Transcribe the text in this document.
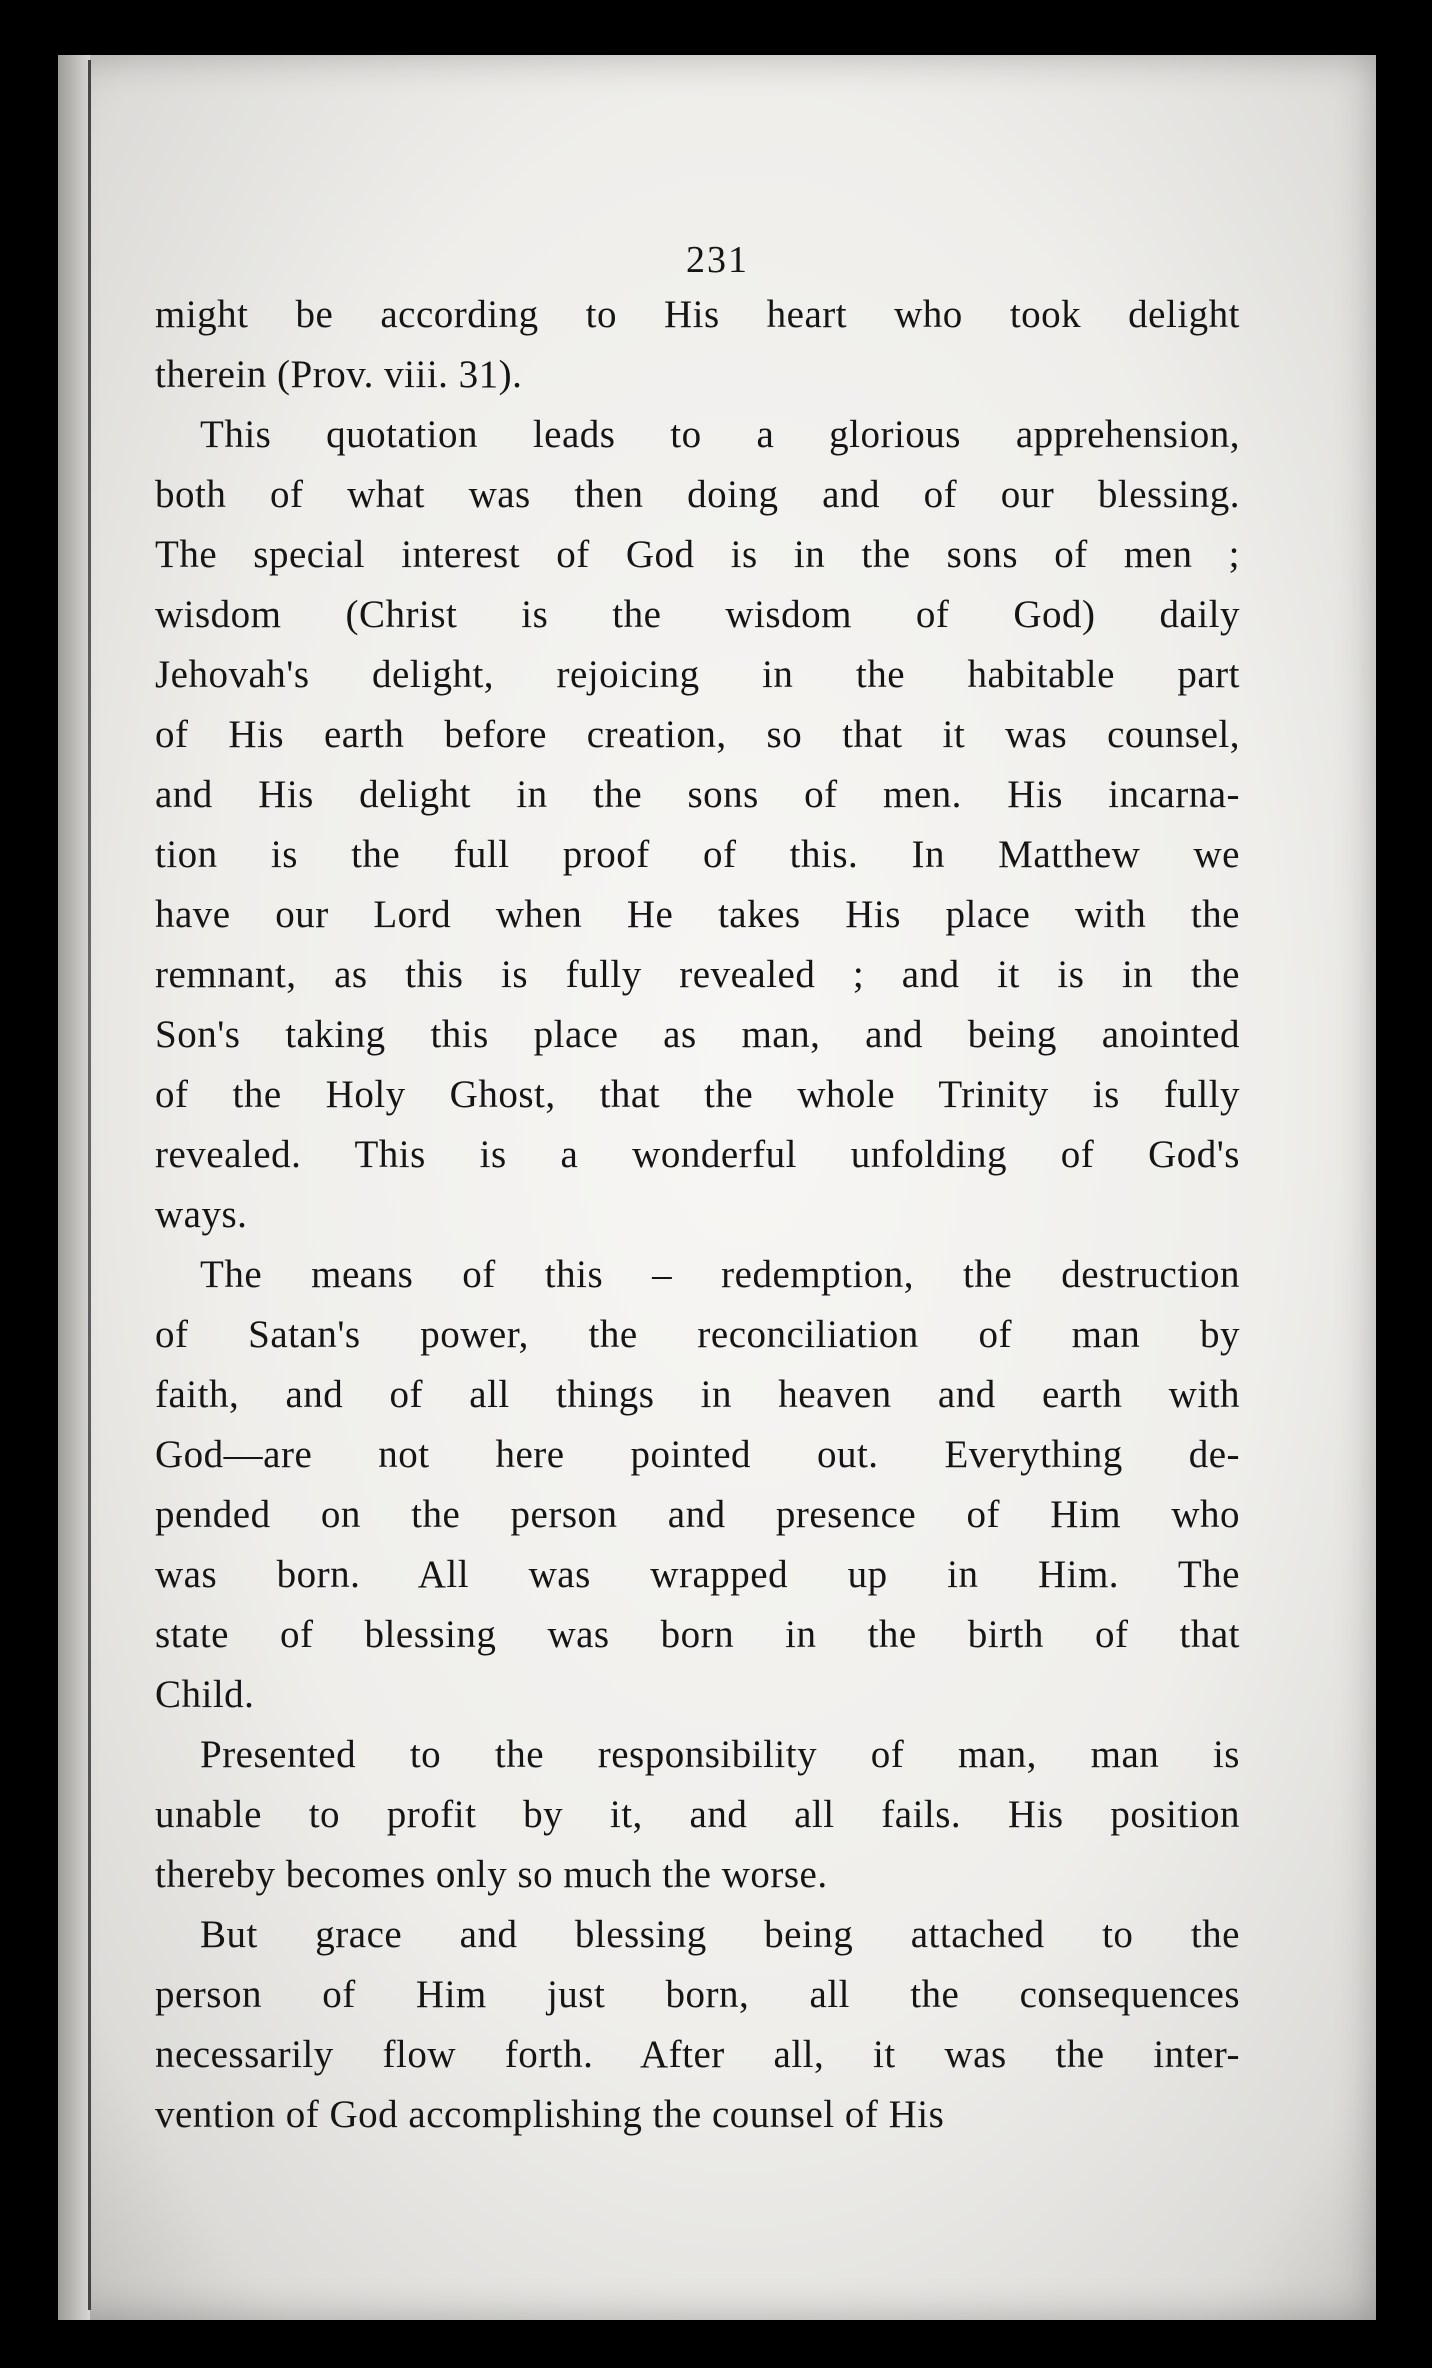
231
might be according to His heart who took delight
therein (Prov. viii. 31).
This quotation leads to a glorious apprehension,
both of what was then doing and of our blessing.
The special interest of God is in the sons of men ;
wisdom (Christ is the wisdom of God) daily
Jehovah's delight, rejoicing in the habitable part
of His earth before creation, so that it was counsel,
and His delight in the sons of men. His incarna-
tion is the full proof of this. In Matthew we
have our Lord when He takes His place with the
remnant, as this is fully revealed ; and it is in the
Son's taking this place as man, and being anointed
of the Holy Ghost, that the whole Trinity is fully
revealed. This is a wonderful unfolding of God's
ways.
The means of this – redemption, the destruction
of Satan's power, the reconciliation of man by
faith, and of all things in heaven and earth with
God—are not here pointed out. Everything de-
pended on the person and presence of Him who
was born. All was wrapped up in Him. The
state of blessing was born in the birth of that
Child.
Presented to the responsibility of man, man is
unable to profit by it, and all fails. His position
thereby becomes only so much the worse.
But grace and blessing being attached to the
person of Him just born, all the consequences
necessarily flow forth. After all, it was the inter-
vention of God accomplishing the counsel of His
